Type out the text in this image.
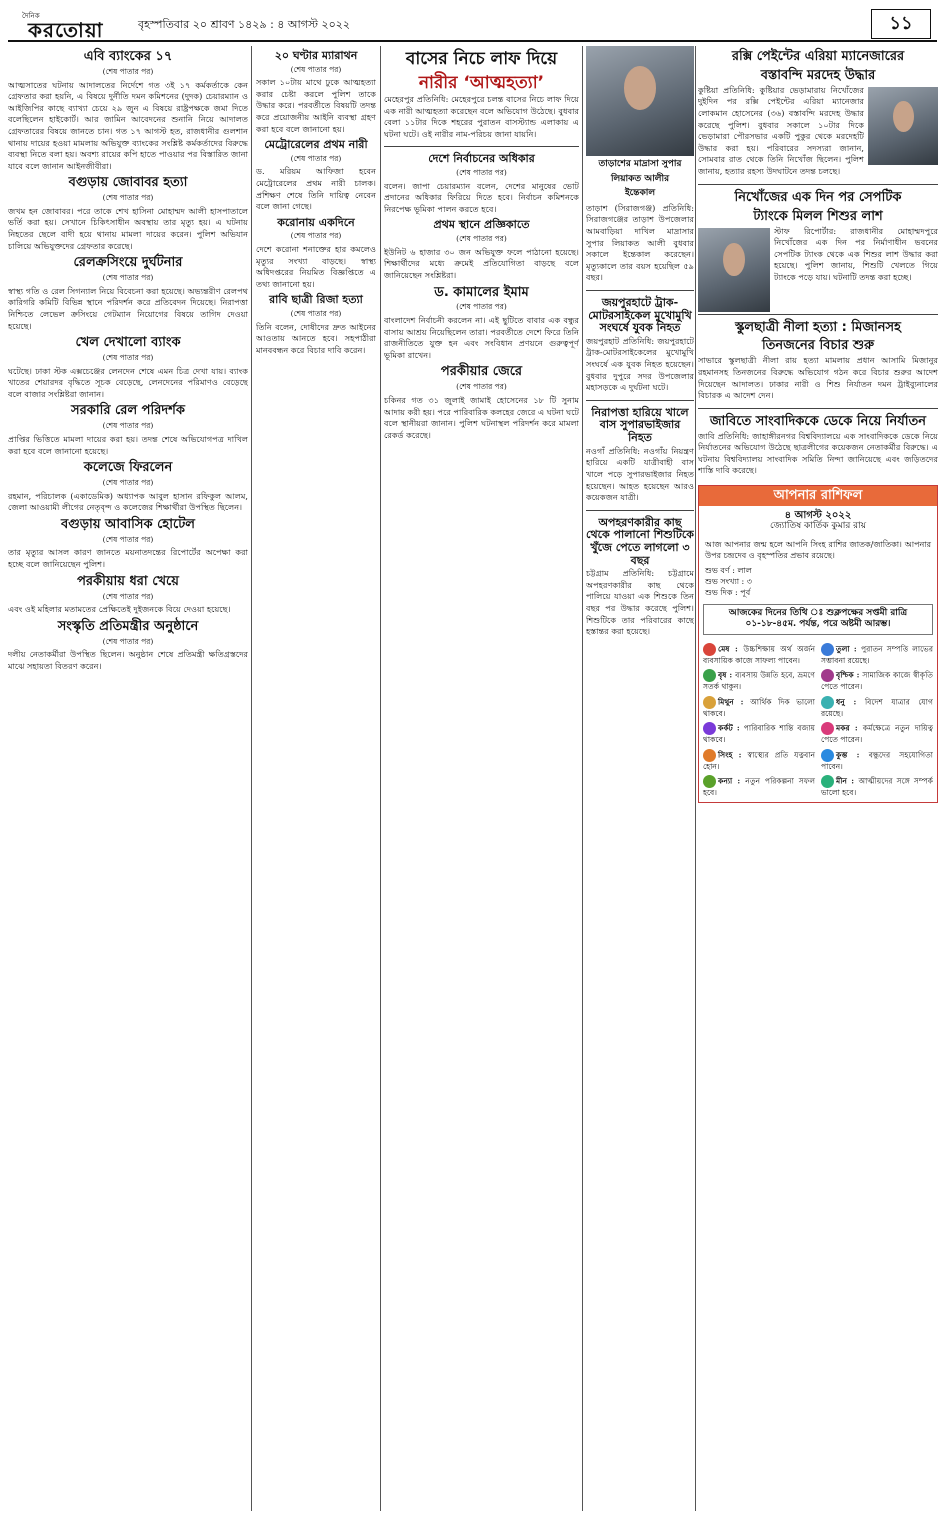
দৈনিক
করতোয়া	বৃহস্পতিবার ২০ শ্রাবণ ১৪২৯ : ৪ আগস্ট ২০২২	১১
এবি ব্যাংকের ১৭
(শেষ পাতার পর)

আত্মসাতের ঘটনায় আদালতের নির্দেশে গত ৩ই ১৭ কর্মকর্তাকে কেন গ্রেফতার করা হয়নি, এ বিষয়ে দুর্নীতি দমন কমিশনের (দুদক) চেয়ারম্যান ও আইজিপির কাছে ব্যাখ্যা চেয়ে ২৯ জুন এ বিষয়ে রাষ্ট্রপক্ষকে জমা দিতে বলেছিলেন হাইকোর্ট। আর জামিন আবেদনের শুনানি নিয়ে আদালত গ্রেফতারের বিষয়ে জানতে চান। গত ১৭ আগস্ট হত, রাজধানীর গুলশান থানায় দায়ের হওয়া মামলায় অভিযুক্ত ব্যাংকের সংশ্লিষ্ট কর্মকর্তাদের বিরুদ্ধে ব্যবস্থা নিতে বলা হয়। অবশ্য রায়ের কপি হাতে পাওয়ার পর বিস্তারিত জানা যাবে বলে জানান আইনজীবীরা।

বগুড়ায় জোবাবর হত্যা
(শেষ পাতার পর)

জখম হন জোবাবর। পরে তাকে শেখ হাসিনা মোহাম্মদ আলী হাসপাতালে ভর্তি করা হয়। সেখানে চিকিৎসাধীন অবস্থায় তার মৃত্যু হয়। এ ঘটনায় নিহতের ছেলে বাদী হয়ে থানায় মামলা দায়ের করেন। পুলিশ অভিযান চালিয়ে অভিযুক্তদের গ্রেফতার করেছে।

রেলক্রসিংয়ে দুর্ঘটনার
(শেষ পাতার পর)

স্বাস্থ্য গতি ও রেল সিগন্যাল নিয়ে বিবেচনা করা হয়েছে। অভ্যন্তরীণ রেলপথ কারিগরি কমিটি বিভিন্ন স্থানে পরিদর্শন করে প্রতিবেদন দিয়েছে। নিরাপত্তা নিশ্চিতে লেভেল ক্রসিংয়ে গেটম্যান নিয়োগের বিষয়ে তাগিদ দেওয়া হয়েছে।

খেল দেখালো ব্যাংক
(শেষ পাতার পর)

ঘটেছে। ঢাকা স্টক এক্সচেঞ্জের লেনদেন শেষে এমন চিত্র দেখা যায়। ব্যাংক খাতের শেয়ারদর বৃদ্ধিতে সূচক বেড়েছে, লেনদেনের পরিমাণও বেড়েছে বলে বাজার সংশ্লিষ্টরা জানান।

সরকারি রেল পরিদর্শক
(শেষ পাতার পর)

প্রাপ্তির ভিত্তিতে মামলা দায়ের করা হয়। তদন্ত শেষে অভিযোগপত্র দাখিল করা হবে বলে জানানো হয়েছে।

কলেজে ফিরলেন
(শেষ পাতার পর)

রহমান, পরিচালক (একাডেমিক) অধ্যাপক আবুল হাসান রফিকুল আলম, জেলা আওয়ামী লীগের নেতৃবৃন্দ ও কলেজের শিক্ষার্থীরা উপস্থিত ছিলেন।

বগুড়ায় আবাসিক হোটেল
(শেষ পাতার পর)

তার মৃত্যুর আসল কারণ জানতে ময়নাতদন্তের রিপোর্টের অপেক্ষা করা হচ্ছে বলে জানিয়েছেন পুলিশ।

পরকীয়ায় ধরা খেয়ে
(শেষ পাতার পর)

এবং ওই মহিলার মতামতের প্রেক্ষিতেই দুইজনকে বিয়ে দেওয়া হয়েছে।

সংস্কৃতি প্রতিমন্ত্রীর অনুষ্ঠানে
(শেষ পাতার পর)

দলীয় নেতাকর্মীরা উপস্থিত ছিলেন। অনুষ্ঠান শেষে প্রতিমন্ত্রী ক্ষতিগ্রস্তদের মাঝে সহায়তা বিতরণ করেন।

২০ ঘণ্টার ম্যারাথন
(শেষ পাতার পর)

সকাল ১০টায় মাথে ঢুকে আত্মহত্যা করার চেষ্টা করলে পুলিশ তাকে উদ্ধার করে। পরবর্তীতে বিষয়টি তদন্ত করে প্রয়োজনীয় আইনি ব্যবস্থা গ্রহণ করা হবে বলে জানানো হয়।

মেট্রোরেলের প্রথম নারী
(শেষ পাতার পর)

ড. মরিয়ম আফিজা হবেন মেট্রোরেলের প্রথম নারী চালক। প্রশিক্ষণ শেষে তিনি দায়িত্ব নেবেন বলে জানা গেছে।

করোনায় একদিনে
(শেষ পাতার পর)

দেশে করোনা শনাক্তের হার কমলেও মৃত্যুর সংখ্যা বাড়ছে। স্বাস্থ্য অধিদপ্তরের নিয়মিত বিজ্ঞপ্তিতে এ তথ্য জানানো হয়।

রাবি ছাত্রী রিজা হত্যা
(শেষ পাতার পর)

তিনি বলেন, দোষীদের দ্রুত আইনের আওতায় আনতে হবে। সহপাঠীরা মানববন্ধন করে বিচার দাবি করেন।

বাসের নিচে লাফ দিয়ে
নারীর ‘আত্মহত্যা’

মেহেরপুর প্রতিনিধি: মেহেরপুরে চলন্ত বাসের নিচে লাফ দিয়ে এক নারী আত্মহত্যা করেছেন বলে অভিযোগ উঠেছে। বুধবার বেলা ১১টার দিকে শহরের পুরাতন বাসস্ট্যান্ড এলাকায় এ ঘটনা ঘটে। ওই নারীর নাম-পরিচয় জানা যায়নি।

দেশে নির্বাচনের অধিকার
(শেষ পাতার পর)

বলেন। জাপা চেয়ারম্যান বলেন, দেশের মানুষের ভোট প্রদানের অধিকার ফিরিয়ে দিতে হবে। নির্বাচন কমিশনকে নিরপেক্ষ ভূমিকা পালন করতে হবে।

প্রথম স্থানে প্রজ্ঞিকাতে
(শেষ পাতার পর)

ইউনিট ৬ হাজার ৩০ জন অভিযুক্ত ফলে পাঠানো হয়েছে। শিক্ষার্থীদের মধ্যে ক্রমেই প্রতিযোগিতা বাড়ছে বলে জানিয়েছেন সংশ্লিষ্টরা।

ড. কামালের ইমাম
(শেষ পাতার পর)

বাংলাদেশ নির্বাচনী করলেন না। এই ছুটিতে বাবার এক বন্ধুর বাসায় আশ্রয় নিয়েছিলেন তারা। পরবর্তীতে দেশে ফিরে তিনি রাজনীতিতে যুক্ত হন এবং সংবিধান প্রণয়নে গুরুত্বপূর্ণ ভূমিকা রাখেন।

পরকীয়ার জেরে
(শেষ পাতার পর)

চকিনর গত ৩১ জুলাই জামাই হোসেনের ১৮ টি সুনাম আদায় করী হয়। পরে পারিবারিক কলহের জেরে এ ঘটনা ঘটে বলে স্থানীয়রা জানান। পুলিশ ঘটনাস্থল পরিদর্শন করে মামলা রেকর্ড করেছে।

তাড়াশের মাদ্রাসা সুপার
লিয়াকত আলীর
ইন্তেকাল

তাড়াশ (সিরাজগঞ্জ) প্রতিনিধি: সিরাজগঞ্জের তাড়াশ উপজেলার আমবাড়িয়া দাখিল মাদ্রাসার সুপার লিয়াকত আলী বুধবার সকালে ইন্তেকাল করেছেন। মৃত্যুকালে তার বয়স হয়েছিল ৫৯ বছর।

জয়পুরহাটে ট্রাক-মোটরসাইকেল মুখোমুখি সংঘর্ষে যুবক নিহত

জয়পুরহাট প্রতিনিধি: জয়পুরহাটে ট্রাক-মোটরসাইকেলের মুখোমুখি সংঘর্ষে এক যুবক নিহত হয়েছেন। বুধবার দুপুরে সদর উপজেলার মহাসড়কে এ দুর্ঘটনা ঘটে।

নিরাপত্তা হারিয়ে খালে বাস সুপারভাইজার নিহত

নওগাঁ প্রতিনিধি: নওগাঁয় নিয়ন্ত্রণ হারিয়ে একটি যাত্রীবাহী বাস খালে পড়ে সুপারভাইজার নিহত হয়েছেন। আহত হয়েছেন আরও কয়েকজন যাত্রী।

অপহরণকারীর কাছ থেকে পালানো শিশুটিকে খুঁজে পেতে লাগলো ৩ বছর

চট্টগ্রাম প্রতিনিধি: চট্টগ্রামে অপহরণকারীর কাছ থেকে পালিয়ে যাওয়া এক শিশুকে তিন বছর পর উদ্ধার করেছে পুলিশ। শিশুটিকে তার পরিবারের কাছে হস্তান্তর করা হয়েছে।

রক্সি পেইন্টের এরিয়া ম্যানেজারের
বস্তাবন্দি মরদেহ উদ্ধার

কুষ্টিয়া প্রতিনিধি: কুষ্টিয়ার ভেড়ামারায় নিখোঁজের দুইদিন পর রক্সি পেইন্টের এরিয়া ম্যানেজার লোকমান হোসেনের (৩৬) বস্তাবন্দি মরদেহ উদ্ধার করেছে পুলিশ। বুধবার সকালে ১০টার দিকে ভেড়ামারা পৌরসভার একটি পুকুর থেকে মরদেহটি উদ্ধার করা হয়। পরিবারের সদস্যরা জানান, সোমবার রাত থেকে তিনি নিখোঁজ ছিলেন। পুলিশ জানায়, হত্যার রহস্য উদঘাটনে তদন্ত চলছে।

নিখোঁজের এক দিন পর সেপটিক
ট্যাংকে মিলল শিশুর লাশ

স্টাফ রিপোর্টার: রাজধানীর মোহাম্মদপুরে নিখোঁজের এক দিন পর নির্মাণাধীন ভবনের সেপটিক ট্যাংক থেকে এক শিশুর লাশ উদ্ধার করা হয়েছে। পুলিশ জানায়, শিশুটি খেলতে গিয়ে ট্যাংকে পড়ে যায়। ঘটনাটি তদন্ত করা হচ্ছে।

স্কুলছাত্রী নীলা হত্যা : মিজানসহ
তিনজনের বিচার শুরু

সাভারে স্কুলছাত্রী নীলা রায় হত্যা মামলায় প্রধান আসামি মিজানুর রহমানসহ তিনজনের বিরুদ্ধে অভিযোগ গঠন করে বিচার শুরুর আদেশ দিয়েছেন আদালত। ঢাকার নারী ও শিশু নির্যাতন দমন ট্রাইব্যুনালের বিচারক এ আদেশ দেন।

জাবিতে সাংবাদিককে ডেকে নিয়ে নির্যাতন

জাবি প্রতিনিধি: জাহাঙ্গীরনগর বিশ্ববিদ্যালয়ে এক সাংবাদিককে ডেকে নিয়ে নির্যাতনের অভিযোগ উঠেছে ছাত্রলীগের কয়েকজন নেতাকর্মীর বিরুদ্ধে। এ ঘটনায় বিশ্ববিদ্যালয় সাংবাদিক সমিতি নিন্দা জানিয়েছে এবং জড়িতদের শাস্তি দাবি করেছে।

আপনার রাশিফল
৪ আগস্ট ২০২২
জ্যোতিষ কার্তিক কুমার রায়
আজ আপনার জন্ম হলে আপনি সিংহ রাশির জাতক/জাতিকা। আপনার উপর চন্দ্রদেব ও বৃহস্পতির প্রভাব রয়েছে।
শুভ বর্ণ : লাল
শুভ সংখ্যা : ৩
শুভ দিক : পূর্ব
আজকের দিনের তিথি ঃ শুক্লপক্ষের সপ্তমী রাত্রি ০১-১৮-৪৫ম. পর্যন্ত, পরে অষ্টমী আরম্ভ।
মেষ : উচ্চশিক্ষায় অর্থ অর্জন ব্যবসায়িক কাজে সাফল্য পাবেন।
তুলা : পুরাতন সম্পত্তি লাভের সম্ভাবনা রয়েছে।
বৃষ : ব্যবসায় উন্নতি হবে, ভ্রমণে সতর্ক থাকুন।
বৃশ্চিক : সামাজিক কাজে স্বীকৃতি পেতে পারেন।
মিথুন : আর্থিক দিক ভালো থাকবে।
ধনু : বিদেশ যাত্রার যোগ রয়েছে।
কর্কট : পারিবারিক শান্তি বজায় থাকবে।
মকর : কর্মক্ষেত্রে নতুন দায়িত্ব পেতে পারেন।
সিংহ : স্বাস্থ্যের প্রতি যত্নবান হোন।
কুম্ভ : বন্ধুদের সহযোগিতা পাবেন।
কন্যা : নতুন পরিকল্পনা সফল হবে।
মীন : আত্মীয়দের সঙ্গে সম্পর্ক ভালো হবে।
